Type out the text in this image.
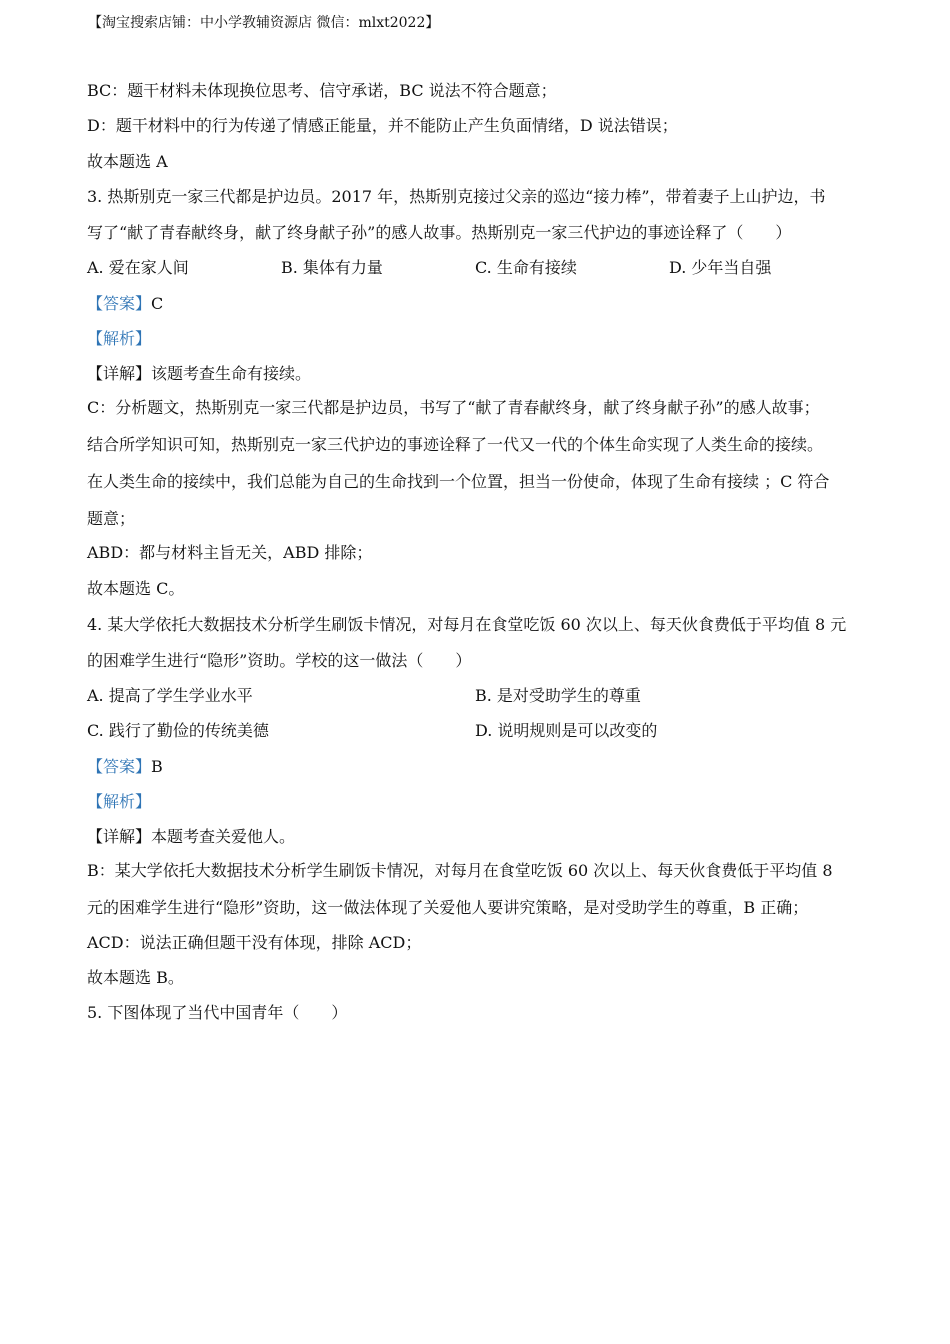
【淘宝搜索店铺：中小学教辅资源店 微信：mlxt2022】
BC：题干材料未体现换位思考、信守承诺，BC 说法不符合题意；
D：题干材料中的行为传递了情感正能量，并不能防止产生负面情绪，D 说法错误；
故本题选 A
3. 热斯别克一家三代都是护边员。2017 年，热斯别克接过父亲的巡边“接力棒”，带着妻子上山护边，书
写了“献了青春献终身，献了终身献子孙”的感人故事。热斯别克一家三代护边的事迹诠释了（　　）
A. 爱在家人间	B. 集体有力量	C. 生命有接续	D. 少年当自强
【答案】C
【解析】
【详解】该题考查生命有接续。
C：分析题文，热斯别克一家三代都是护边员，书写了“献了青春献终身，献了终身献子孙”的感人故事；
结合所学知识可知，热斯别克一家三代护边的事迹诠释了一代又一代的个体生命实现了人类生命的接续。
在人类生命的接续中，我们总能为自己的生命找到一个位置，担当一份使命，体现了生命有接续 ；C 符合
题意；
ABD：都与材料主旨无关，ABD 排除；
故本题选 C。
4. 某大学依托大数据技术分析学生刷饭卡情况，对每月在食堂吃饭 60 次以上、每天伙食费低于平均值 8 元
的困难学生进行“隐形”资助。学校的这一做法（　　）
A. 提高了学生学业水平	B. 是对受助学生的尊重
C. 践行了勤俭的传统美德	D. 说明规则是可以改变的
【答案】B
【解析】
【详解】本题考查关爱他人。
B：某大学依托大数据技术分析学生刷饭卡情况，对每月在食堂吃饭 60 次以上、每天伙食费低于平均值 8
元的困难学生进行“隐形”资助，这一做法体现了关爱他人要讲究策略，是对受助学生的尊重，B 正确；
ACD：说法正确但题干没有体现，排除 ACD；
故本题选 B。
5. 下图体现了当代中国青年（　　）
